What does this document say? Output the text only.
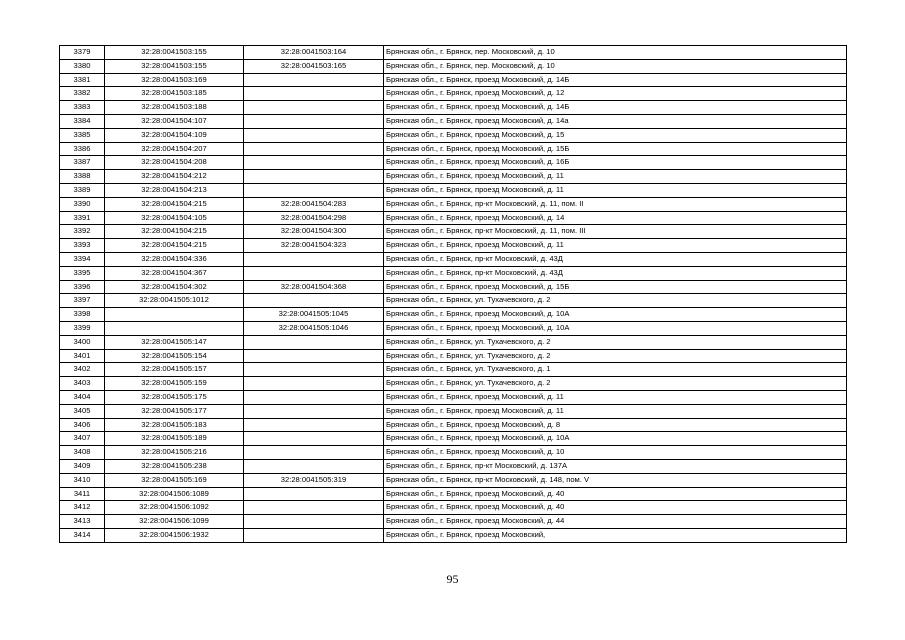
3379	32:28:0041503:155	32:28:0041503:164	Брянская обл., г. Брянск, пер. Московский, д. 10
3380	32:28:0041503:155	32:28:0041503:165	Брянская обл., г. Брянск, пер. Московский, д. 10
3381	32:28:0041503:169		Брянская обл., г. Брянск, проезд Московский, д. 14Б
3382	32:28:0041503:185		Брянская обл., г. Брянск, проезд Московский, д. 12
3383	32:28:0041503:188		Брянская обл., г. Брянск, проезд Московский, д. 14Б
3384	32:28:0041504:107		Брянская обл., г. Брянск, проезд Московский, д. 14а
3385	32:28:0041504:109		Брянская обл., г. Брянск, проезд Московский, д. 15
3386	32:28:0041504:207		Брянская обл., г. Брянск, проезд Московский, д. 15Б
3387	32:28:0041504:208		Брянская обл., г. Брянск, проезд Московский, д. 16Б
3388	32:28:0041504:212		Брянская обл., г. Брянск, проезд Московский, д. 11
3389	32:28:0041504:213		Брянская обл., г. Брянск, проезд Московский, д. 11
3390	32:28:0041504:215	32:28:0041504:283	Брянская обл., г. Брянск, пр-кт Московский, д. 11, пом. II
3391	32:28:0041504:105	32:28:0041504:298	Брянская обл., г. Брянск, проезд Московский, д. 14
3392	32:28:0041504:215	32:28:0041504:300	Брянская обл., г. Брянск, пр-кт Московский, д. 11, пом. III
3393	32:28:0041504:215	32:28:0041504:323	Брянская обл., г. Брянск, проезд Московский, д. 11
3394	32:28:0041504:336		Брянская обл., г. Брянск, пр-кт Московский, д. 43Д
3395	32:28:0041504:367		Брянская обл., г. Брянск, пр-кт Московский, д. 43Д
3396	32:28:0041504:302	32:28:0041504:368	Брянская обл., г. Брянск, проезд Московский, д. 15Б
3397	32:28:0041505:1012		Брянская обл., г. Брянск, ул. Тухачевского, д. 2
3398		32:28:0041505:1045	Брянская обл., г. Брянск, проезд Московский, д. 10А
3399		32:28:0041505:1046	Брянская обл., г. Брянск, проезд Московский, д. 10А
3400	32:28:0041505:147		Брянская обл., г. Брянск, ул. Тухачевского, д. 2
3401	32:28:0041505:154		Брянская обл., г. Брянск, ул. Тухачевского, д. 2
3402	32:28:0041505:157		Брянская обл., г. Брянск, ул. Тухачевского, д. 1
3403	32:28:0041505:159		Брянская обл., г. Брянск, ул. Тухачевского, д. 2
3404	32:28:0041505:175		Брянская обл., г. Брянск, проезд Московский, д. 11
3405	32:28:0041505:177		Брянская обл., г. Брянск, проезд Московский, д. 11
3406	32:28:0041505:183		Брянская обл., г. Брянск, проезд Московский, д. 8
3407	32:28:0041505:189		Брянская обл., г. Брянск, проезд Московский, д. 10А
3408	32:28:0041505:216		Брянская обл., г. Брянск, проезд Московский, д. 10
3409	32:28:0041505:238		Брянская обл., г. Брянск, пр-кт Московский, д. 137А
3410	32:28:0041505:169	32:28:0041505:319	Брянская обл., г. Брянск, пр-кт Московский, д. 148, пом. V
3411	32:28:0041506:1089		Брянская обл., г. Брянск, проезд Московский, д. 40
3412	32:28:0041506:1092		Брянская обл., г. Брянск, проезд Московский, д. 40
3413	32:28:0041506:1099		Брянская обл., г. Брянск, проезд Московский, д. 44
3414	32:28:0041506:1932		Брянская обл., г. Брянск, проезд Московский,
95
